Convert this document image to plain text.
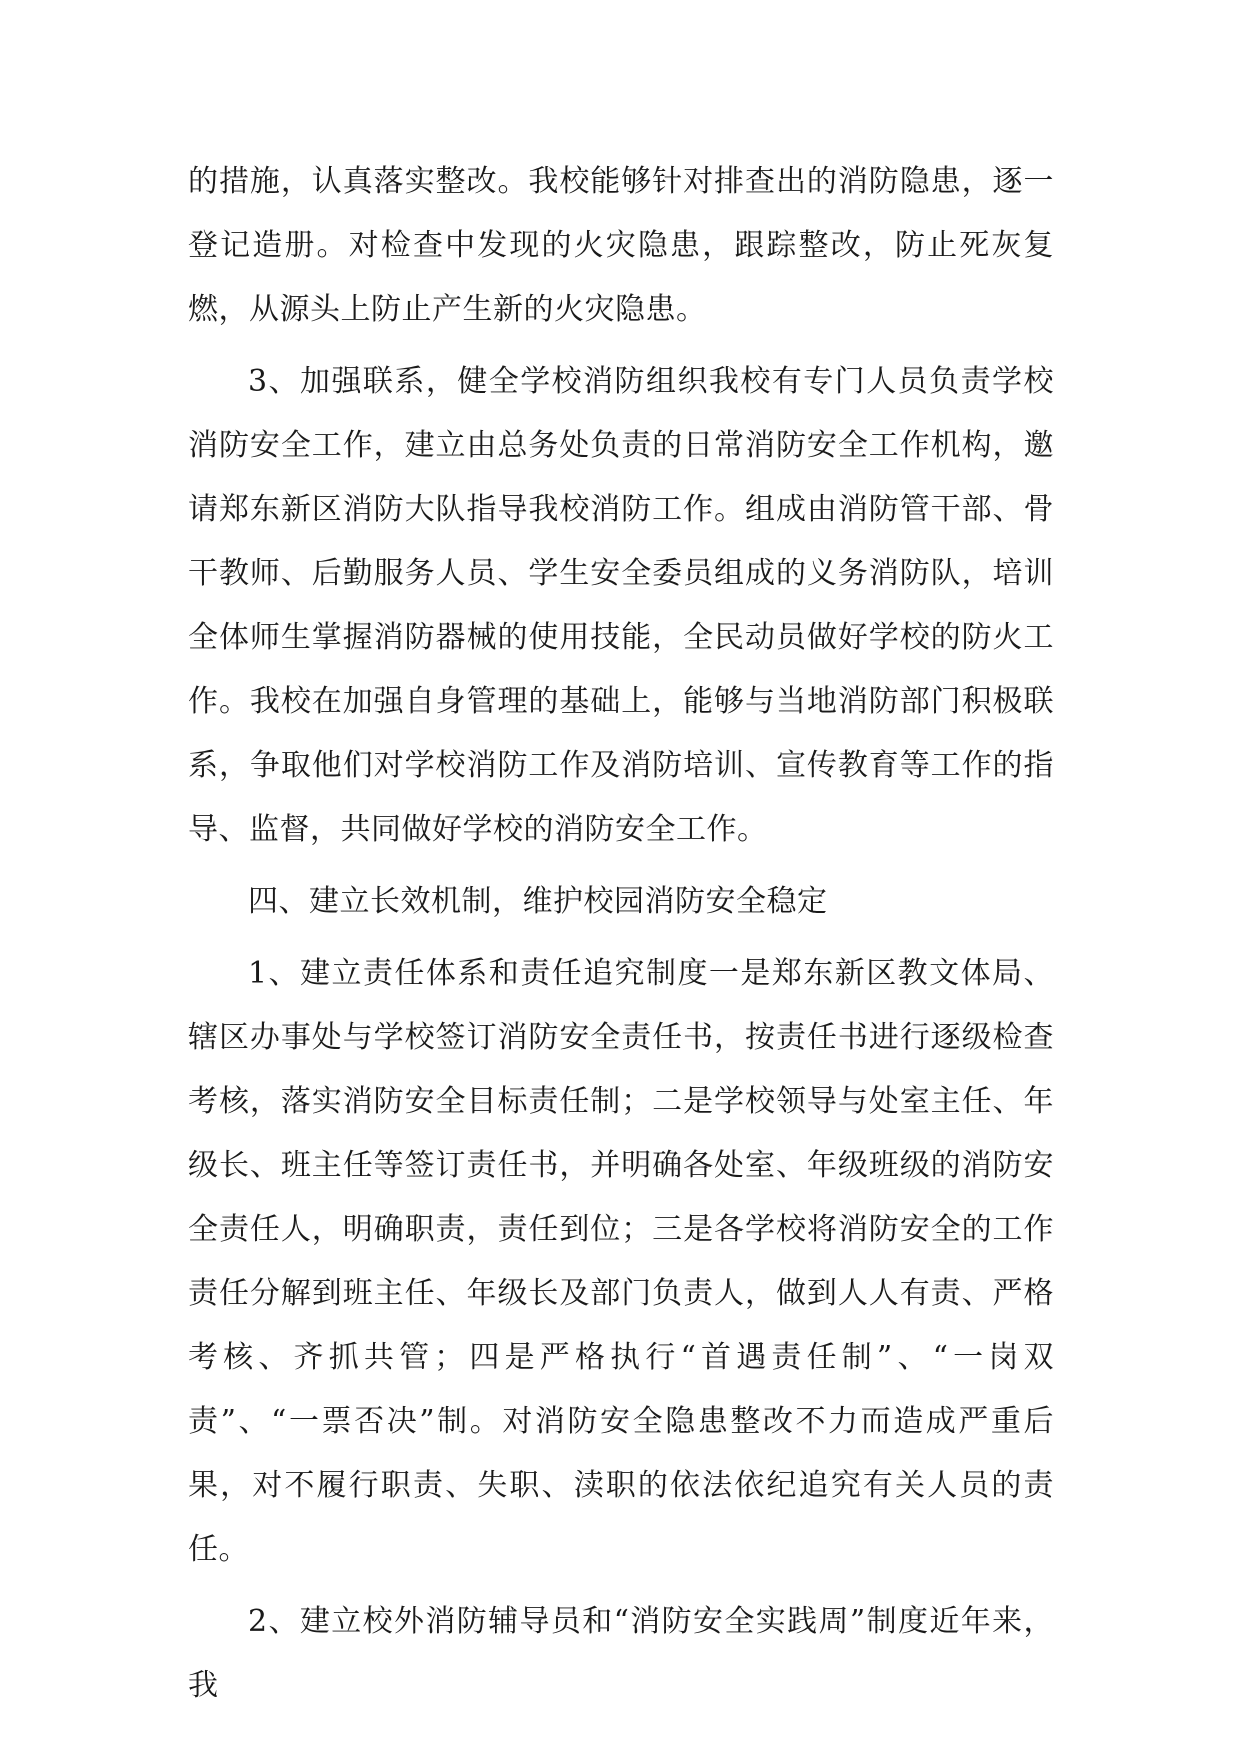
的措施，认真落实整改。我校能够针对排查出的消防隐患，逐一登记造册。对检查中发现的火灾隐患，跟踪整改，防止死灰复燃，从源头上防止产生新的火灾隐患。

3、加强联系，健全学校消防组织我校有专门人员负责学校消防安全工作，建立由总务处负责的日常消防安全工作机构，邀请郑东新区消防大队指导我校消防工作。组成由消防管干部、骨干教师、后勤服务人员、学生安全委员组成的义务消防队，培训全体师生掌握消防器械的使用技能，全民动员做好学校的防火工作。我校在加强自身管理的基础上，能够与当地消防部门积极联系，争取他们对学校消防工作及消防培训、宣传教育等工作的指导、监督，共同做好学校的消防安全工作。

四、建立长效机制，维护校园消防安全稳定

1、建立责任体系和责任追究制度一是郑东新区教文体局、辖区办事处与学校签订消防安全责任书，按责任书进行逐级检查考核，落实消防安全目标责任制；二是学校领导与处室主任、年级长、班主任等签订责任书，并明确各处室、年级班级的消防安全责任人，明确职责，责任到位；三是各学校将消防安全的工作责任分解到班主任、年级长及部门负责人，做到人人有责、严格考核、齐抓共管；四是严格执行“首遇责任制”、“一岗双责”、“一票否决”制。对消防安全隐患整改不力而造成严重后果，对不履行职责、失职、渎职的依法依纪追究有关人员的责任。

2、建立校外消防辅导员和“消防安全实践周”制度近年来，我
